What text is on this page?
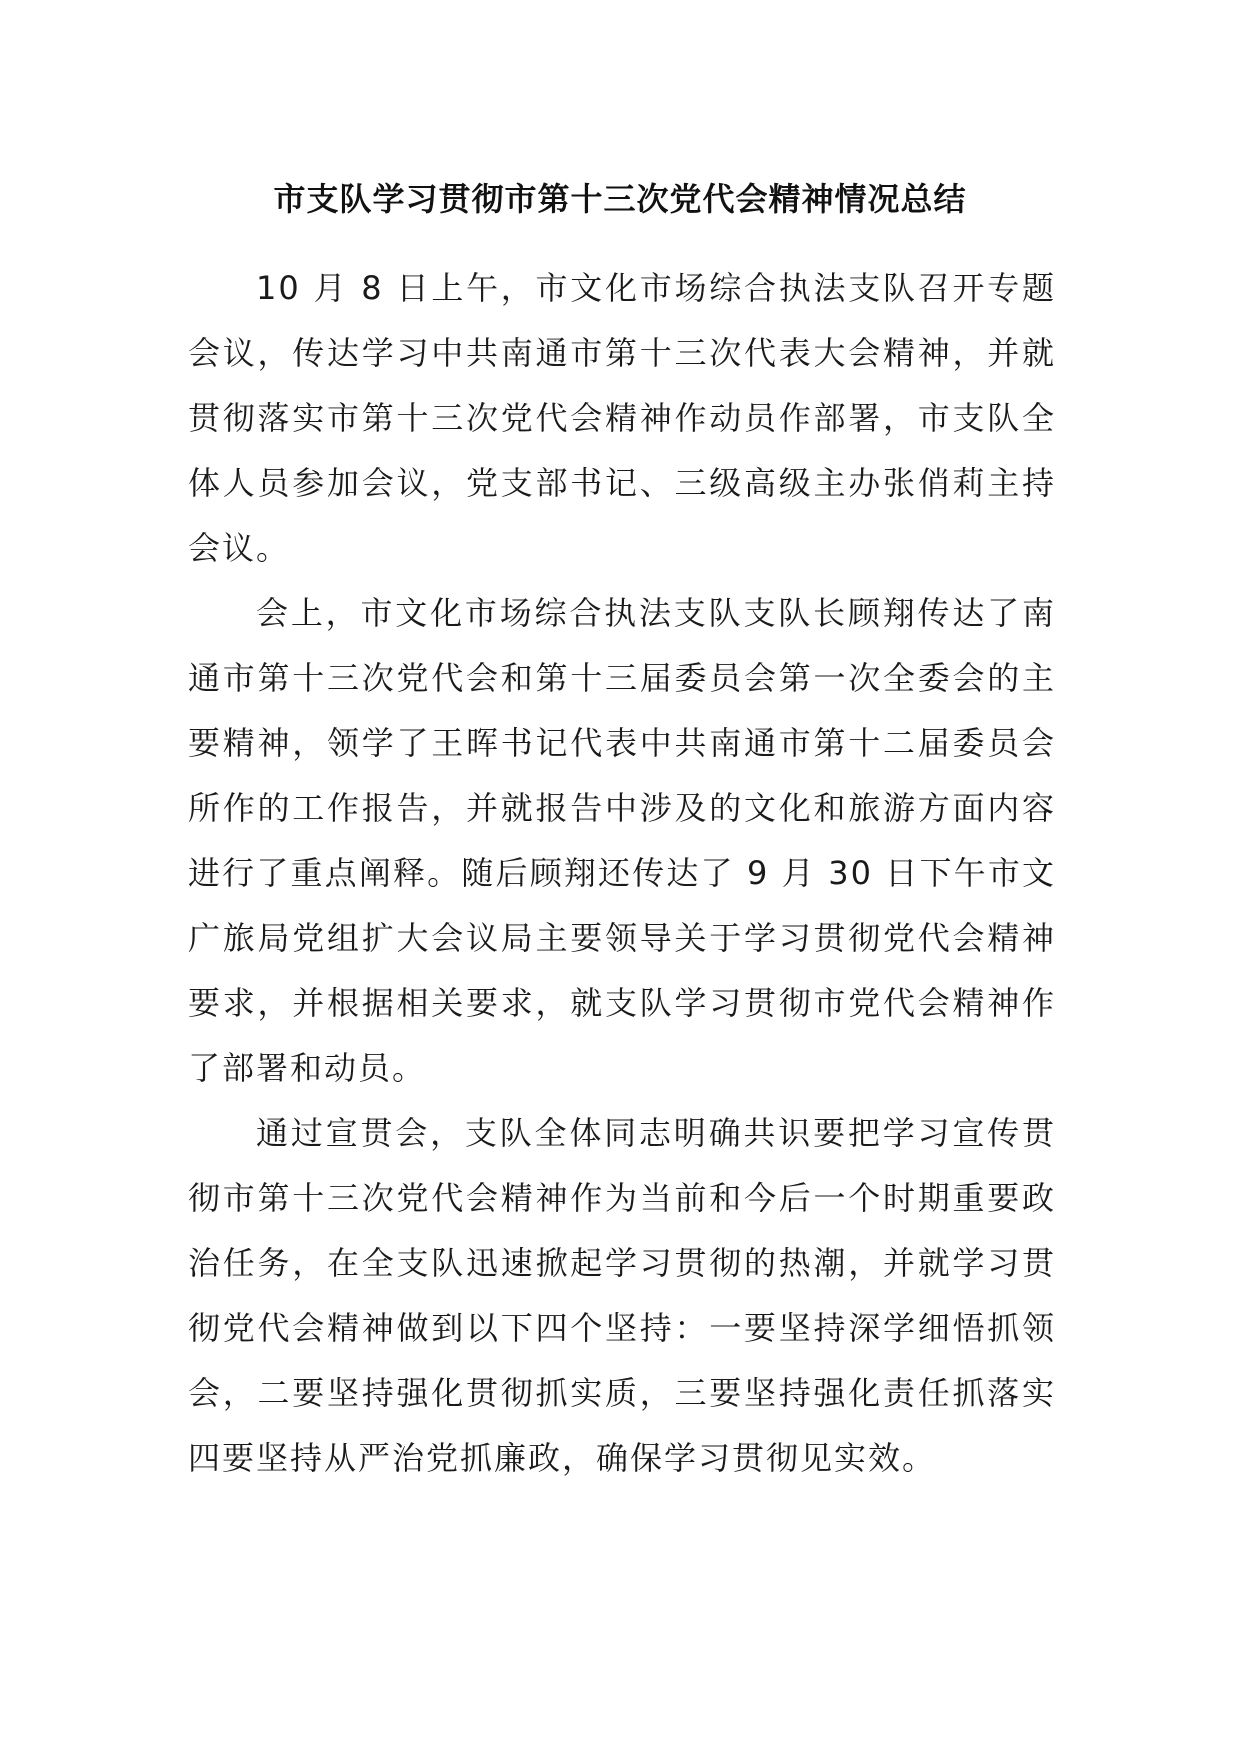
市支队学习贯彻市第十三次党代会精神情况总结

10 月 8 日上午，市文化市场综合执法支队召开专题会议，传达学习中共南通市第十三次代表大会精神，并就贯彻落实市第十三次党代会精神作动员作部署，市支队全体人员参加会议，党支部书记、三级高级主办张俏莉主持会议。

会上，市文化市场综合执法支队支队长顾翔传达了南通市第十三次党代会和第十三届委员会第一次全委会的主要精神，领学了王晖书记代表中共南通市第十二届委员会所作的工作报告，并就报告中涉及的文化和旅游方面内容进行了重点阐释。随后顾翔还传达了 9 月 30 日下午市文广旅局党组扩大会议局主要领导关于学习贯彻党代会精神要求，并根据相关要求，就支队学习贯彻市党代会精神作了部署和动员。

通过宣贯会，支队全体同志明确共识要把学习宣传贯彻市第十三次党代会精神作为当前和今后一个时期重要政治任务，在全支队迅速掀起学习贯彻的热潮，并就学习贯彻党代会精神做到以下四个坚持：一要坚持深学细悟抓领会，二要坚持强化贯彻抓实质，三要坚持强化责任抓落实四要坚持从严治党抓廉政，确保学习贯彻见实效。
